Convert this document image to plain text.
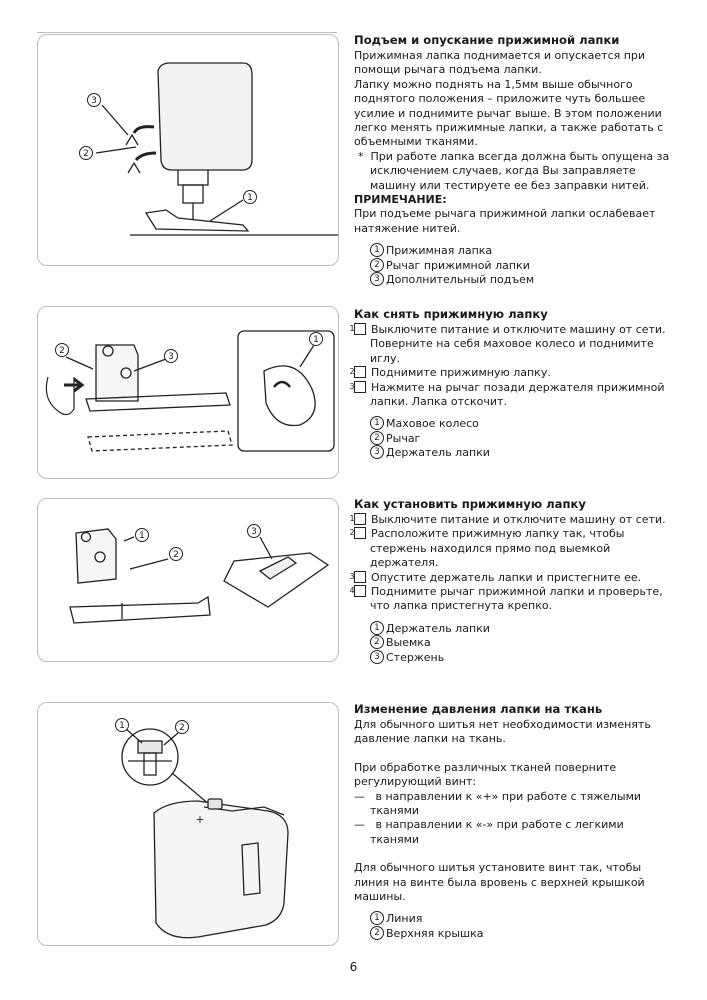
3
2
1
2
3
1
1
2
3
1	2
+
Подъем и опускание прижимной лапки

Прижимная лапка поднимается и опускается при помощи рычага подъема лапки.

Лапку можно поднять на 1,5мм выше обычного поднятого положения – приложите чуть большее усилие и поднимите рычаг выше. В этом положении легко менять прижимные лапки, а также работать с объемными тканями.

* При работе лапка всегда должна быть опущена за исключением случаев, когда Вы заправляете машину или тестируете ее без заправки нитей.

ПРИМЕЧАНИЕ:

При подъеме рычага прижимной лапки ослабевает натяжение нитей.

1 Прижимная лапка
2 Рычаг прижимной лапки
3 Дополнительный подъем
Как снять прижимную лапку

1 Выключите питание и отключите машину от сети. Поверните на себя маховое колесо и поднимите иглу.

2 Поднимите прижимную лапку.

3 Нажмите на рычаг позади держателя прижимной лапки. Лапка отскочит.

1 Маховое колесо
2 Рычаг
3 Держатель лапки
Как установить прижимную лапку

1 Выключите питание и отключите машину от сети.

2 Расположите прижимную лапку так, чтобы стержень находился прямо под выемкой держателя.

3 Опустите держатель лапки и пристегните ее.

4 Поднимите рычаг прижимной лапки и проверьте, что лапка пристегнута крепко.

1 Держатель лапки
2 Выемка
3 Стержень
Изменение давления лапки на ткань

Для обычного шитья нет необходимости изменять давление лапки на ткань.

При обработке различных тканей поверните регулирующий винт:

— в направлении к «+» при работе с тяжелыми тканями

— в направлении к «-» при работе с легкими тканями

Для обычного шитья установите винт так, чтобы линия на винте была вровень с верхней крышкой машины.

1 Линия
2 Верхняя крышка
6
